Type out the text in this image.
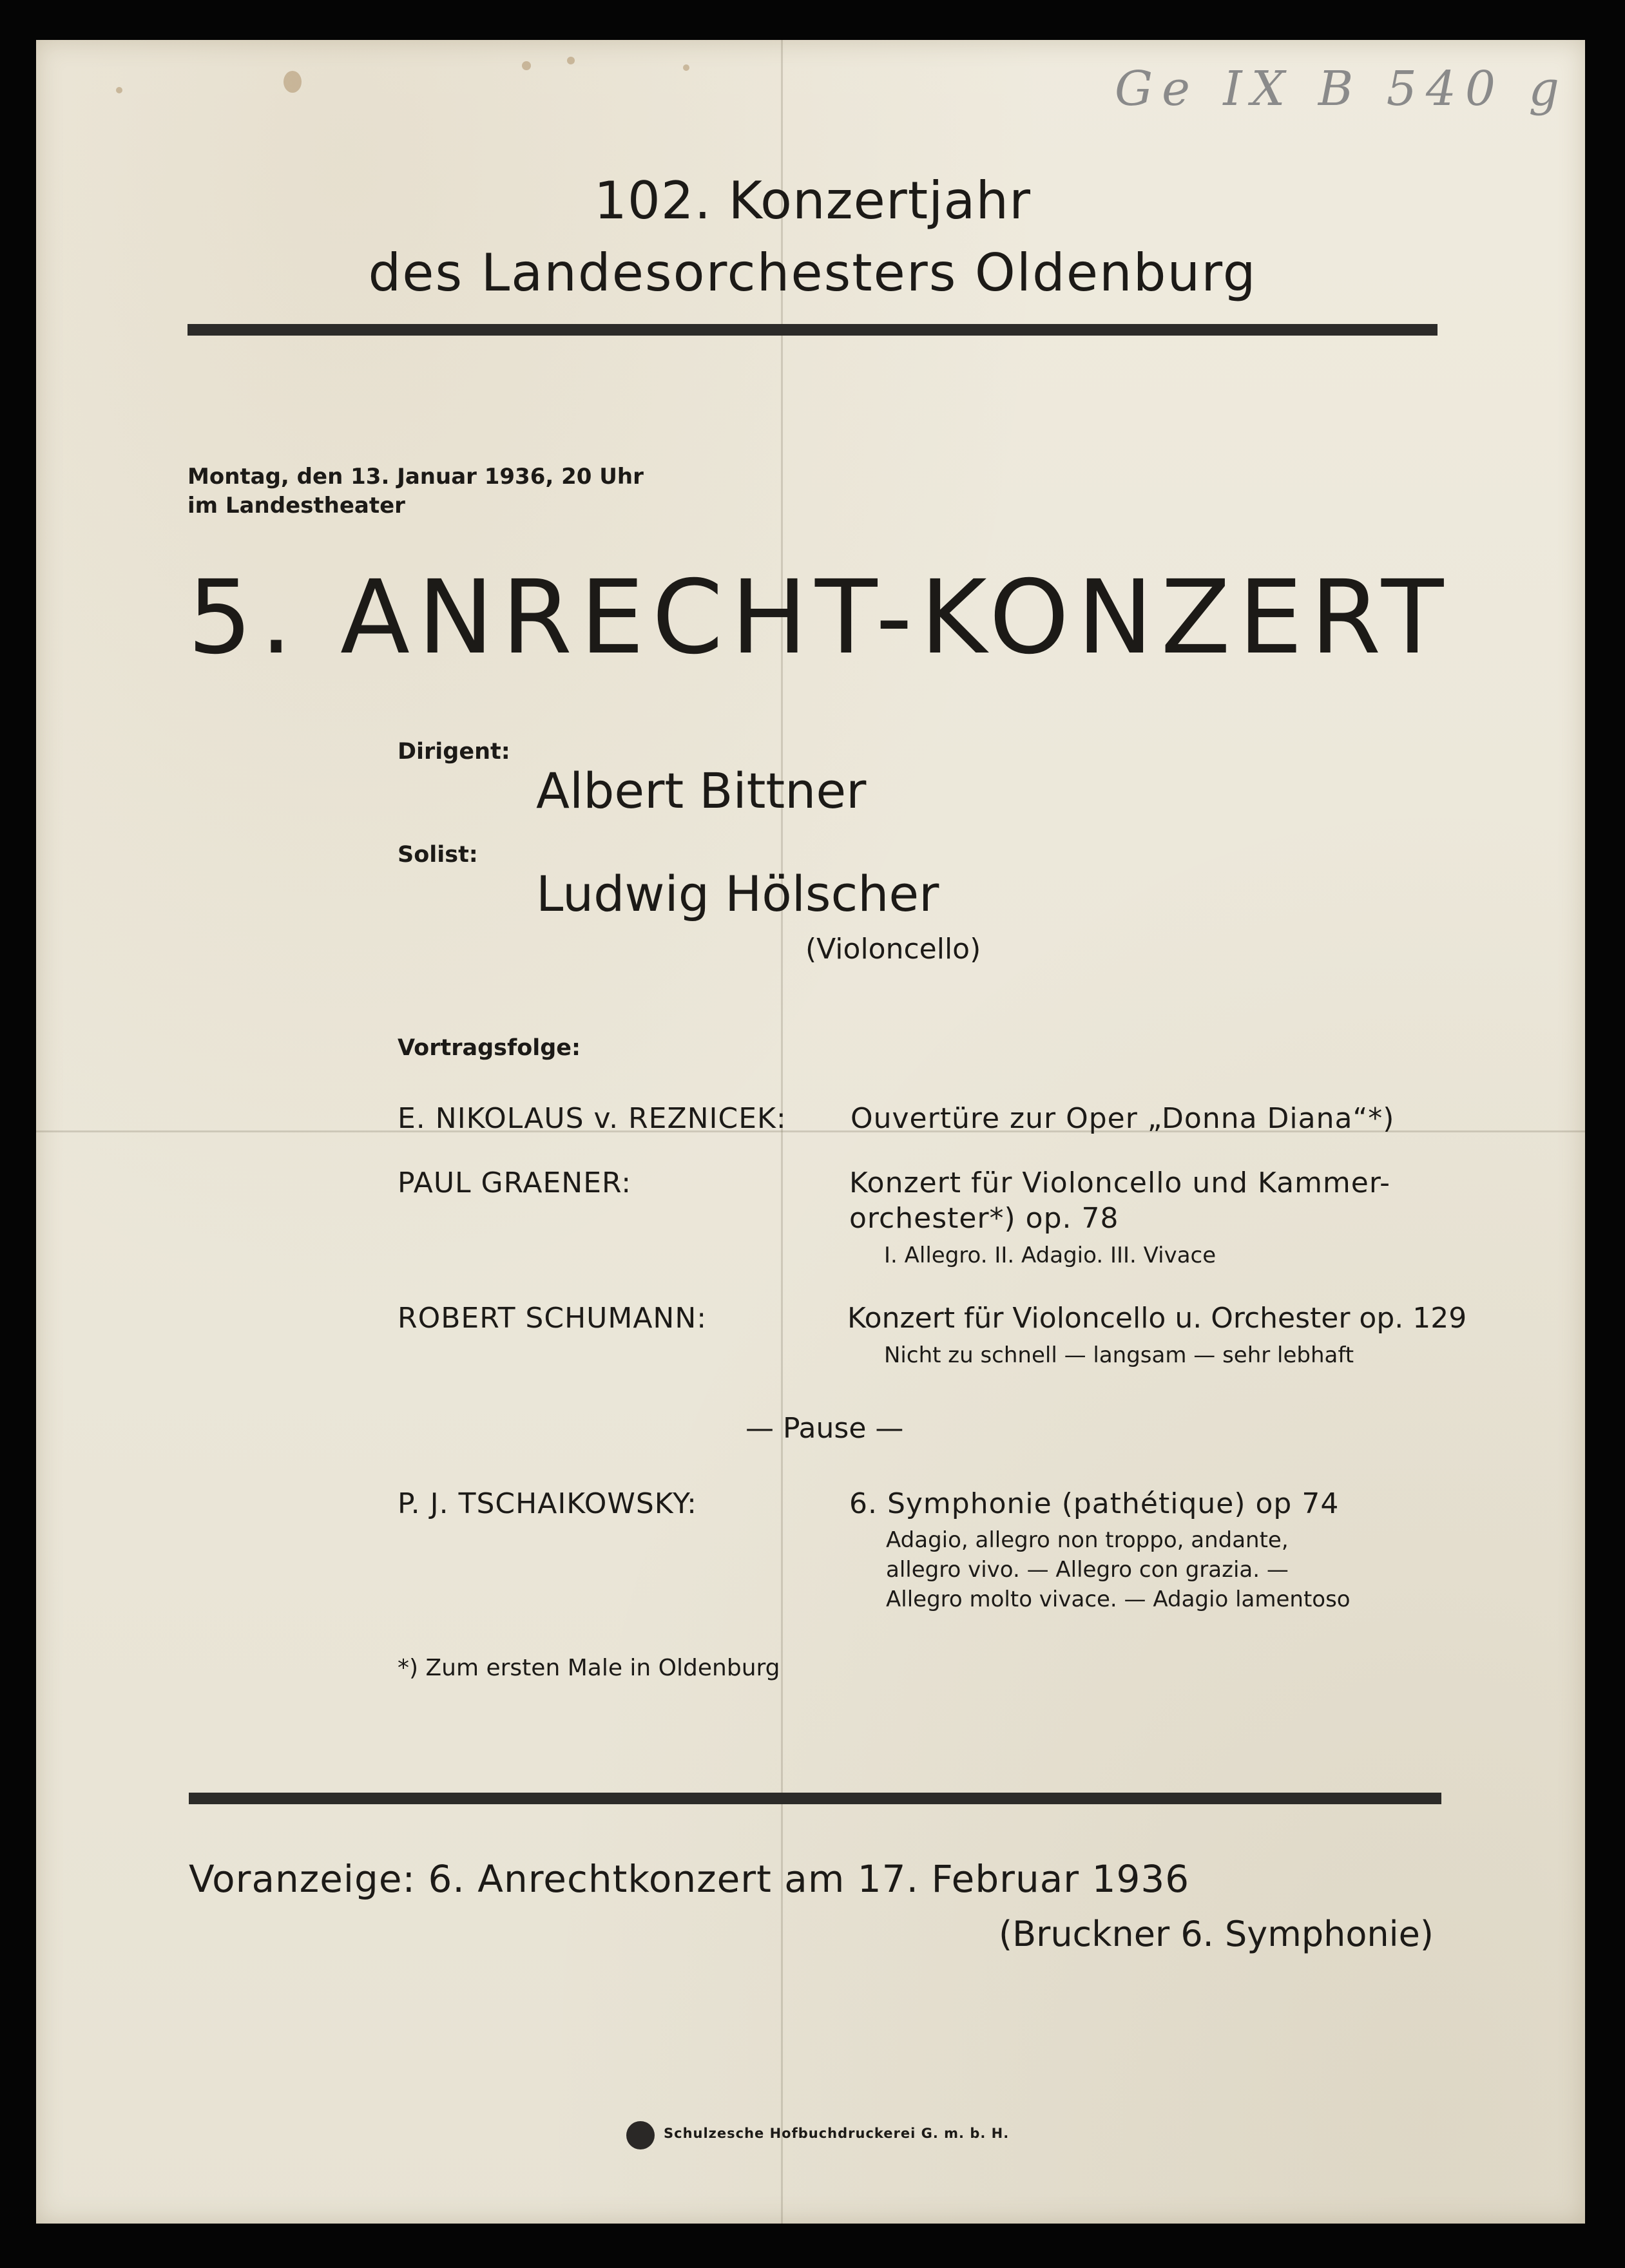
Ge IX B 540 g
102. Konzertjahr
des Landesorchesters Oldenburg
Montag, den 13. Januar 1936, 20 Uhr
im Landestheater
5. ANRECHT-KONZERT
Dirigent:
Albert Bittner
Solist:
Ludwig Hölscher
(Violoncello)
Vortragsfolge:
E. NIKOLAUS v. REZNICEK: Ouvertüre zur Oper „Donna Diana“*)
PAUL GRAENER:	Konzert für Violoncello und Kammer-
orchester*) op. 78
I. Allegro. II. Adagio. III. Vivace
ROBERT SCHUMANN:	Konzert für Violoncello u. Orchester op. 129
Nicht zu schnell — langsam — sehr lebhaft
— Pause —
P. J. TSCHAIKOWSKY:	6. Symphonie (pathétique) op 74
Adagio, allegro non troppo, andante,
allegro vivo. — Allegro con grazia. —
Allegro molto vivace. — Adagio lamentoso
*) Zum ersten Male in Oldenburg
Voranzeige: 6. Anrechtkonzert am 17. Februar 1936
(Bruckner 6. Symphonie)
Schulzesche Hofbuchdruckerei G. m. b. H.
